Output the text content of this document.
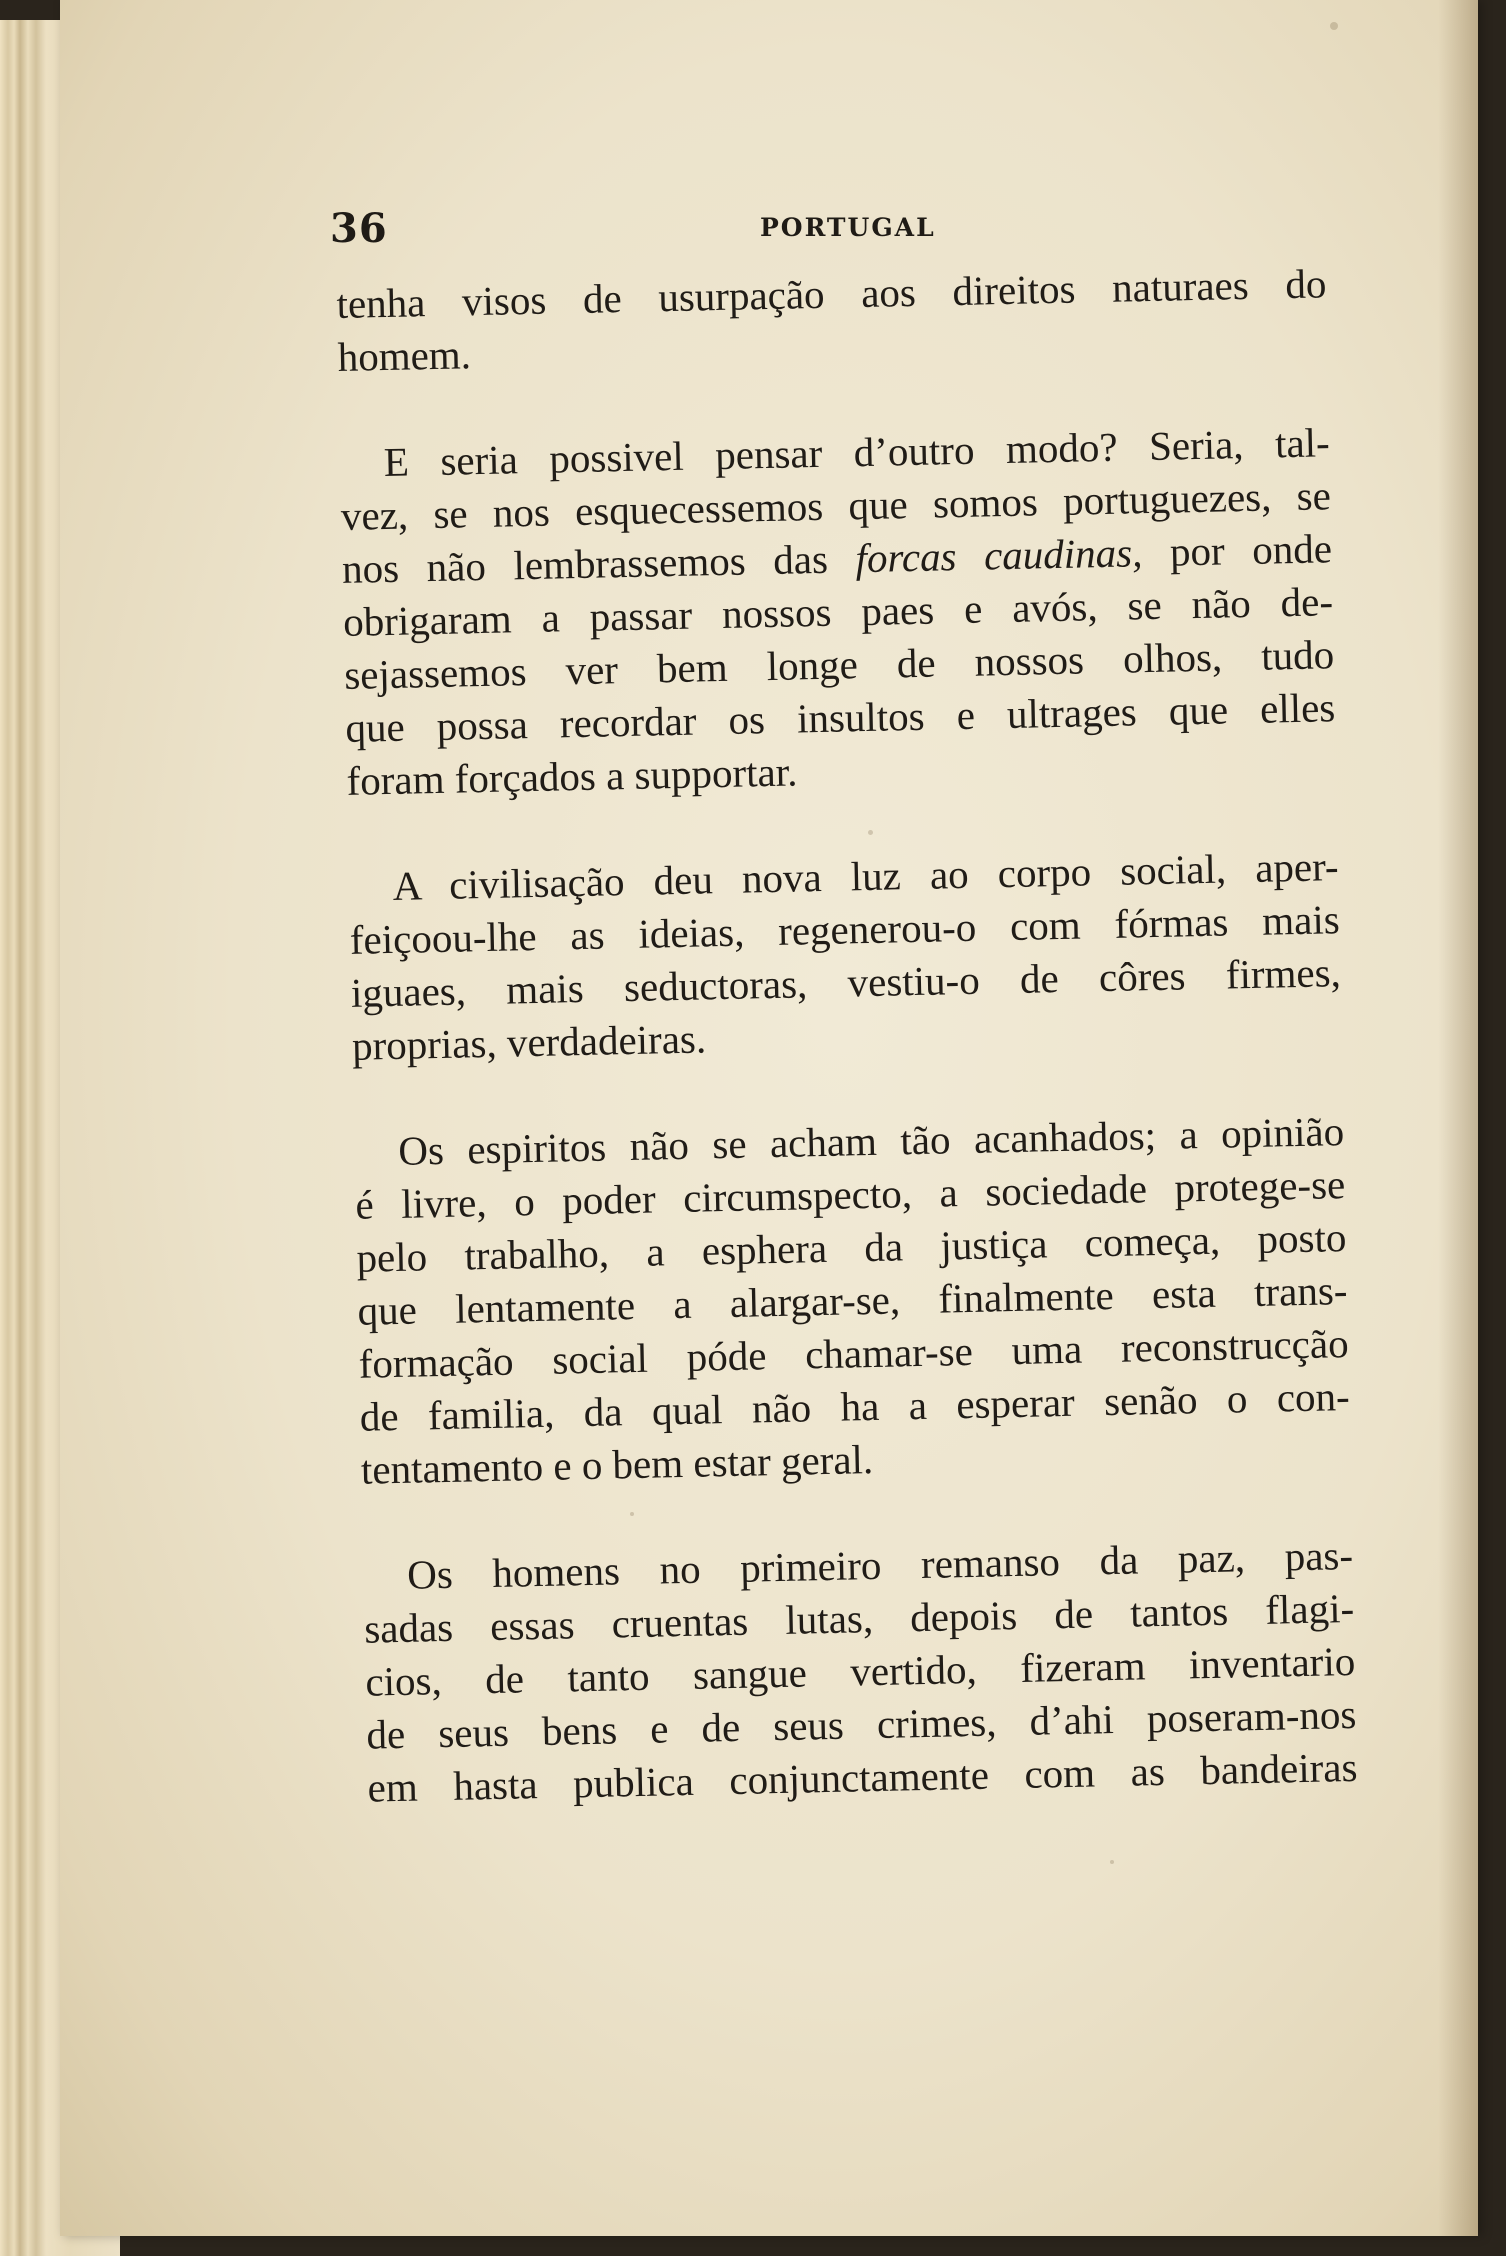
36	PORTUGAL

tenha visos de usurpação aos direitos naturaes do
homem.

E seria possivel pensar d’outro modo? Seria, tal-
vez, se nos esquecessemos que somos portuguezes, se
nos não lembrassemos das forcas caudinas, por onde
obrigaram a passar nossos paes e avós, se não de-
sejassemos ver bem longe de nossos olhos, tudo
que possa recordar os insultos e ultrages que elles
foram forçados a supportar.

A civilisação deu nova luz ao corpo social, aper-
feiçoou-lhe as ideias, regenerou-o com fórmas mais
iguaes, mais seductoras, vestiu-o de côres firmes,
proprias, verdadeiras.

Os espiritos não se acham tão acanhados; a opinião
é livre, o poder circumspecto, a sociedade protege-se
pelo trabalho, a esphera da justiça começa, posto
que lentamente a alargar-se, finalmente esta trans-
formação social póde chamar-se uma reconstrucção
de familia, da qual não ha a esperar senão o con-
tentamento e o bem estar geral.

Os homens no primeiro remanso da paz, pas-
sadas essas cruentas lutas, depois de tantos flagi-
cios, de tanto sangue vertido, fizeram inventario
de seus bens e de seus crimes, d’ahi poseram-nos
em hasta publica conjunctamente com as bandeiras
